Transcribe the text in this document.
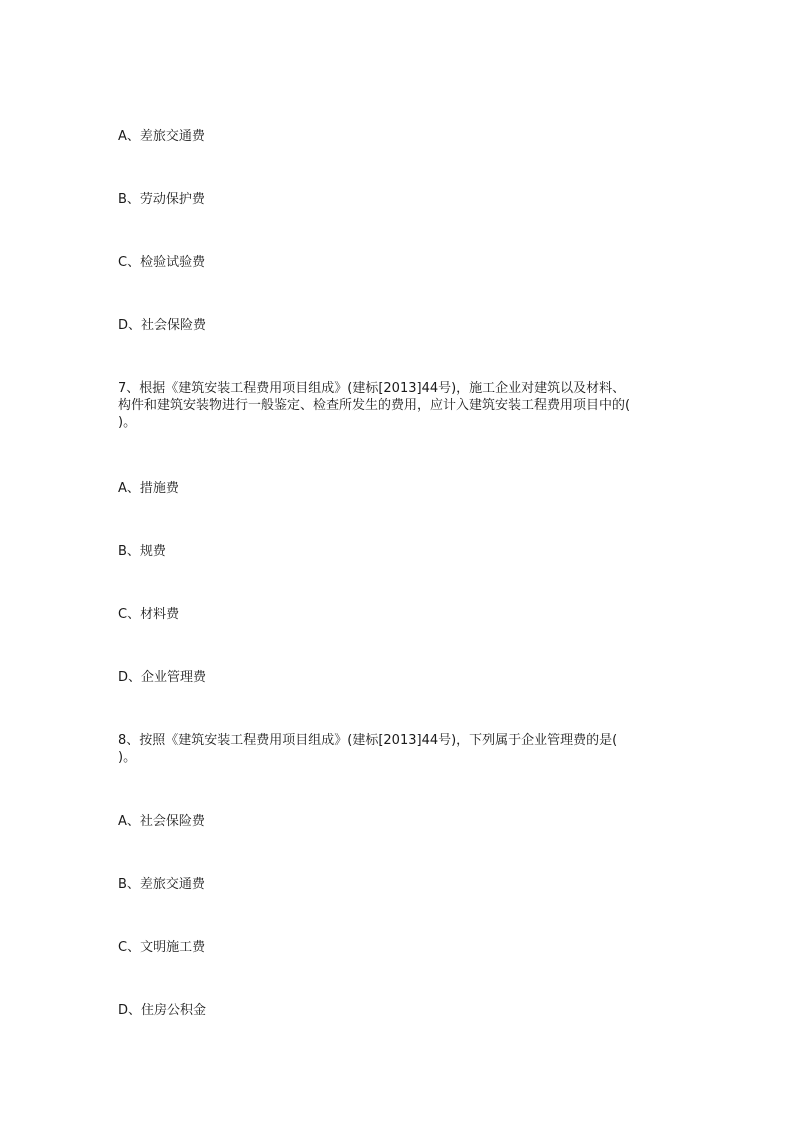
A、差旅交通费
B、劳动保护费
C、检验试验费
D、社会保险费
7、根据《建筑安装工程费用项目组成》(建标[2013]44号)，施工企业对建筑以及材料、
构件和建筑安装物进行一般鉴定、检查所发生的费用，应计入建筑安装工程费用项目中的(
)。
A、措施费
B、规费
C、材料费
D、企业管理费
8、按照《建筑安装工程费用项目组成》(建标[2013]44号)，下列属于企业管理费的是(
)。
A、社会保险费
B、差旅交通费
C、文明施工费
D、住房公积金
